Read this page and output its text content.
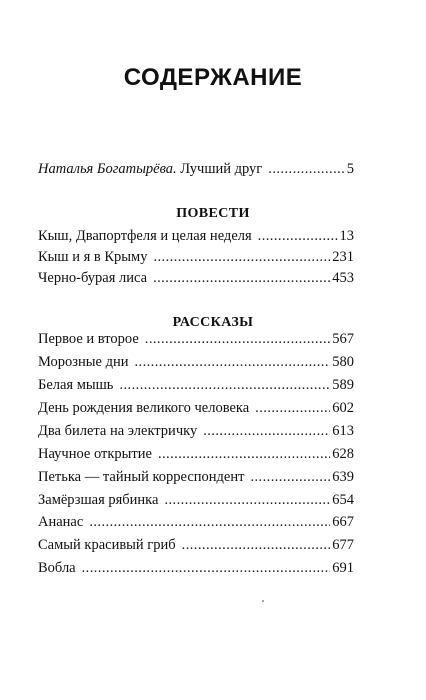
СОДЕРЖАНИЕ
Наталья Богатырёва. Лучший друг . . .	5
ПОВЕСТИ
Кыш, Двапортфеля и целая неделя . . .	13
Кыш и я в Крыму . . .	231
Черно-бурая лиса . . .	453
РАССКАЗЫ
Первое и второе . . .	567
Морозные дни . . .	580
Белая мышь . . .	589
День рождения великого человека . . .	602
Два билета на электричку . . .	613
Научное открытие . . .	628
Петька — тайный корреспондент . . .	639
Замёрзшая рябинка . . .	654
Ананас . . .	667
Самый красивый гриб . . .	677
Вобла . . .	691
